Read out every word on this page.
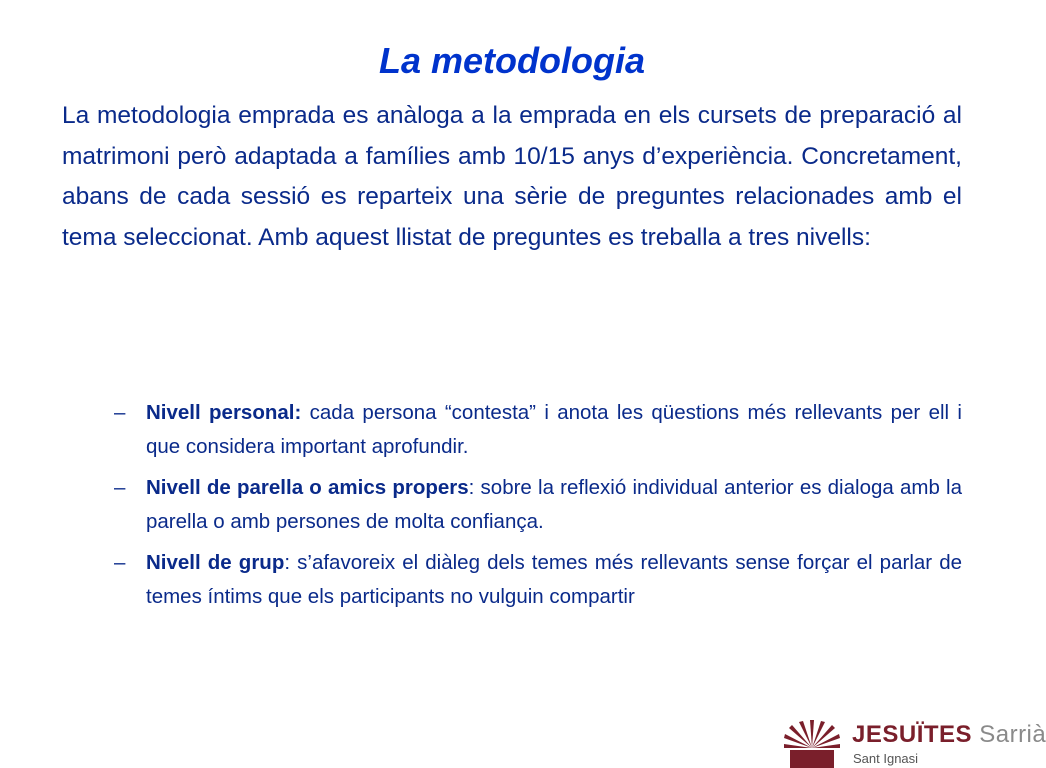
La metodologia

La metodologia emprada es anàloga a la emprada en els cursets de preparació al matrimoni però adaptada a famílies amb 10/15 anys d’experiència. Concretament, abans de cada sessió es reparteix una sèrie de preguntes relacionades amb el tema seleccionat. Amb aquest llistat de preguntes es treballa a tres nivells:

– Nivell personal: cada persona “contesta” i anota les qüestions més rellevants per ell i que considera important aprofundir.
– Nivell de parella o amics propers: sobre la reflexió individual anterior es dialoga amb la parella o amb persones de molta confiança.
– Nivell de grup: s’afavoreix el diàleg dels temes més rellevants sense forçar el parlar de temes íntims que els participants no vulguin compartir
JESUÏTES Sarrià
Sant Ignasi
